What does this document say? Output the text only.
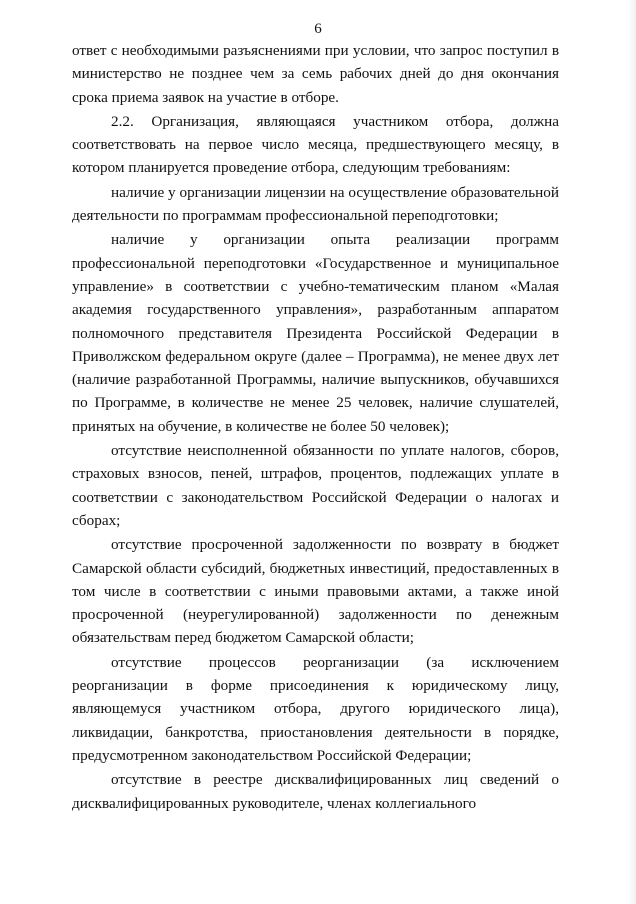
6

ответ с необходимыми разъяснениями при условии, что запрос поступил в министерство не позднее чем за семь рабочих дней до дня окончания срока приема заявок на участие в отборе.

2.2. Организация, являющаяся участником отбора, должна соответствовать на первое число месяца, предшествующего месяцу, в котором планируется проведение отбора, следующим требованиям:

наличие у организации лицензии на осуществление образовательной деятельности по программам профессиональной переподготовки;

наличие у организации опыта реализации программ профессиональной переподготовки «Государственное и муниципальное управление» в соответствии с учебно-тематическим планом «Малая академия государственного управления», разработанным аппаратом полномочного представителя Президента Российской Федерации в Приволжском федеральном округе (далее – Программа), не менее двух лет (наличие разработанной Программы, наличие выпускников, обучавшихся по Программе, в количестве не менее 25 человек, наличие слушателей, принятых на обучение, в количестве не более 50 человек);

отсутствие неисполненной обязанности по уплате налогов, сборов, страховых взносов, пеней, штрафов, процентов, подлежащих уплате в соответствии с законодательством Российской Федерации о налогах и сборах;

отсутствие просроченной задолженности по возврату в бюджет Самарской области субсидий, бюджетных инвестиций, предоставленных в том числе в соответствии с иными правовыми актами, а также иной просроченной (неурегулированной) задолженности по денежным обязательствам перед бюджетом Самарской области;

отсутствие процессов реорганизации (за исключением реорганизации в форме присоединения к юридическому лицу, являющемуся участником отбора, другого юридического лица), ликвидации, банкротства, приостановления деятельности в порядке, предусмотренном законодательством Российской Федерации;

отсутствие в реестре дисквалифицированных лиц сведений о дисквалифицированных руководителе, членах коллегиального
